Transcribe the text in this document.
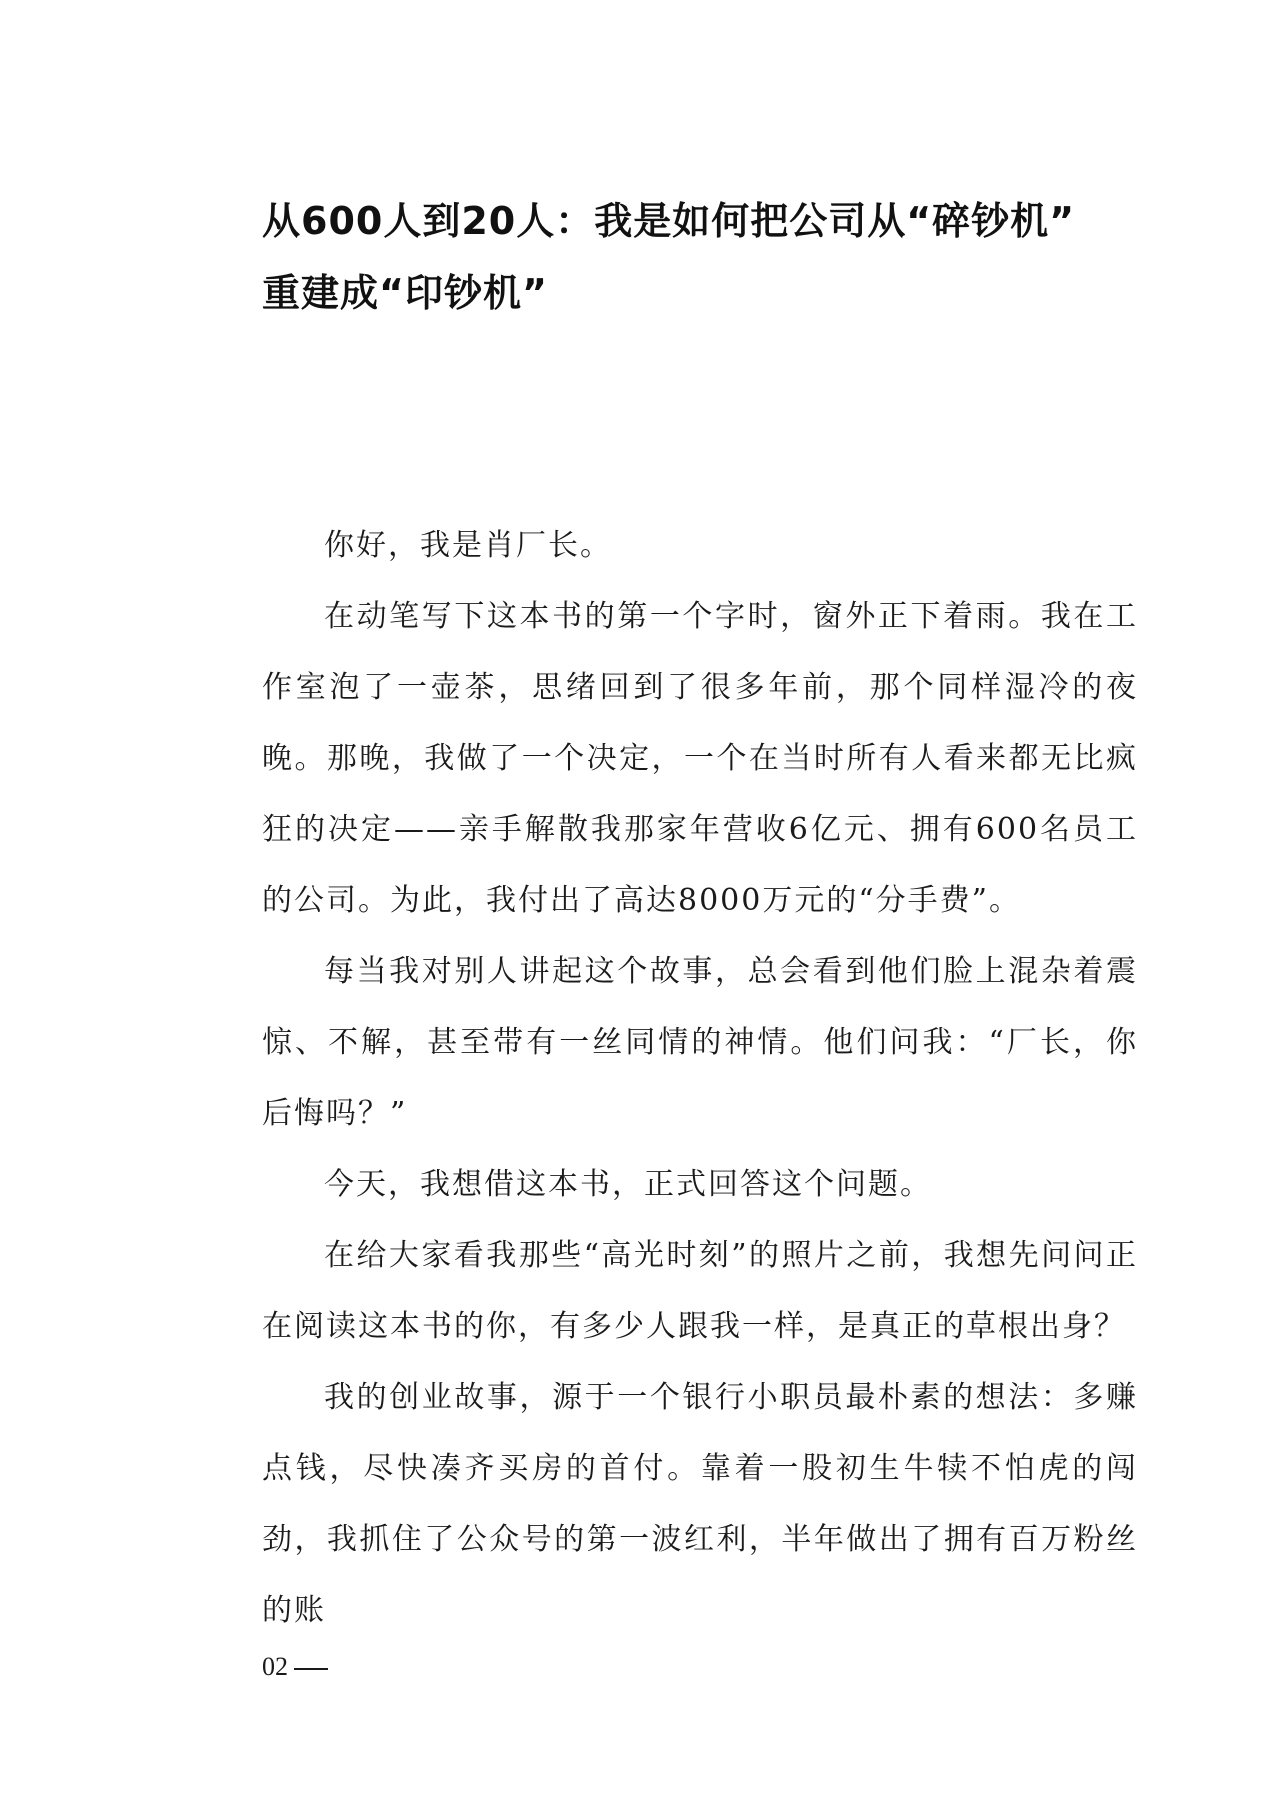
从600人到20人：我是如何把公司从“碎钞机”
重建成“印钞机”

你好，我是肖厂长。

在动笔写下这本书的第一个字时，窗外正下着雨。我在工作室泡了一壶茶，思绪回到了很多年前，那个同样湿冷的夜晚。那晚，我做了一个决定，一个在当时所有人看来都无比疯狂的决定——亲手解散我那家年营收6亿元、拥有600名员工的公司。为此，我付出了高达8000万元的“分手费”。

每当我对别人讲起这个故事，总会看到他们脸上混杂着震惊、不解，甚至带有一丝同情的神情。他们问我：“厂长，你后悔吗？”

今天，我想借这本书，正式回答这个问题。

在给大家看我那些“高光时刻”的照片之前，我想先问问正在阅读这本书的你，有多少人跟我一样，是真正的草根出身？

我的创业故事，源于一个银行小职员最朴素的想法：多赚点钱，尽快凑齐买房的首付。靠着一股初生牛犊不怕虎的闯劲，我抓住了公众号的第一波红利，半年做出了拥有百万粉丝的账

02
